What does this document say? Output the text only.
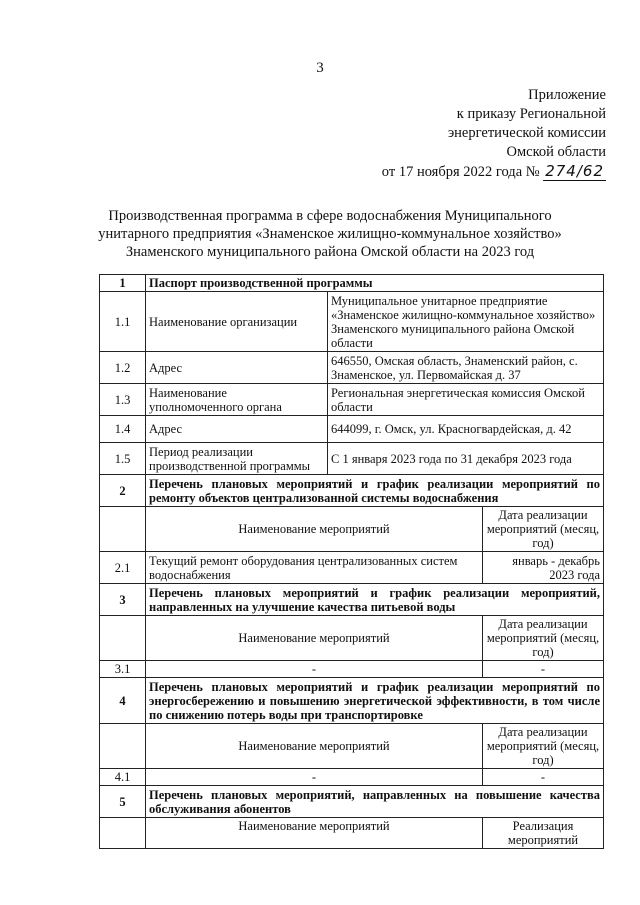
3
Приложение
к приказу Региональной
энергетической комиссии
Омской области
от 17 ноября 2022 года № 274/62
Производственная программа в сфере водоснабжения Муниципального
унитарного предприятия «Знаменское жилищно-коммунальное хозяйство»
Знаменского муниципального района Омской области на 2023 год
1	Паспорт производственной программы		
1.1	Наименование организации	Муниципальное унитарное предприятие «Знаменское жилищно-коммунальное хозяйство» Знаменского муниципального района Омской области	
1.2	Адрес	646550, Омская область, Знаменский район, с. Знаменское, ул. Первомайская д. 37	
1.3	Наименование уполномоченного органа	Региональная энергетическая комиссия Омской области	
1.4	Адрес	644099, г. Омск, ул. Красногвардейская, д. 42	
1.5	Период реализации производственной программы	С 1 января 2023 года по 31 декабря 2023 года	
2	Перечень плановых мероприятий и график реализации мероприятий по ремонту объектов централизованной системы водоснабжения		
	Наименование мероприятий		Дата реализации мероприятий (месяц, год)
2.1	Текущий ремонт оборудования централизованных систем водоснабжения		январь - декабрь 2023 года
3	Перечень плановых мероприятий и график реализации мероприятий, направленных на улучшение качества питьевой воды		
	Наименование мероприятий		Дата реализации мероприятий (месяц, год)
3.1	-		-
4	Перечень плановых мероприятий и график реализации мероприятий по энергосбережению и повышению энергетической эффективности, в том числе по снижению потерь воды при транспортировке		
	Наименование мероприятий		Дата реализации мероприятий (месяц, год)
4.1	-		-
5	Перечень плановых мероприятий, направленных на повышение качества обслуживания абонентов		
	Наименование мероприятий		Реализация мероприятий
